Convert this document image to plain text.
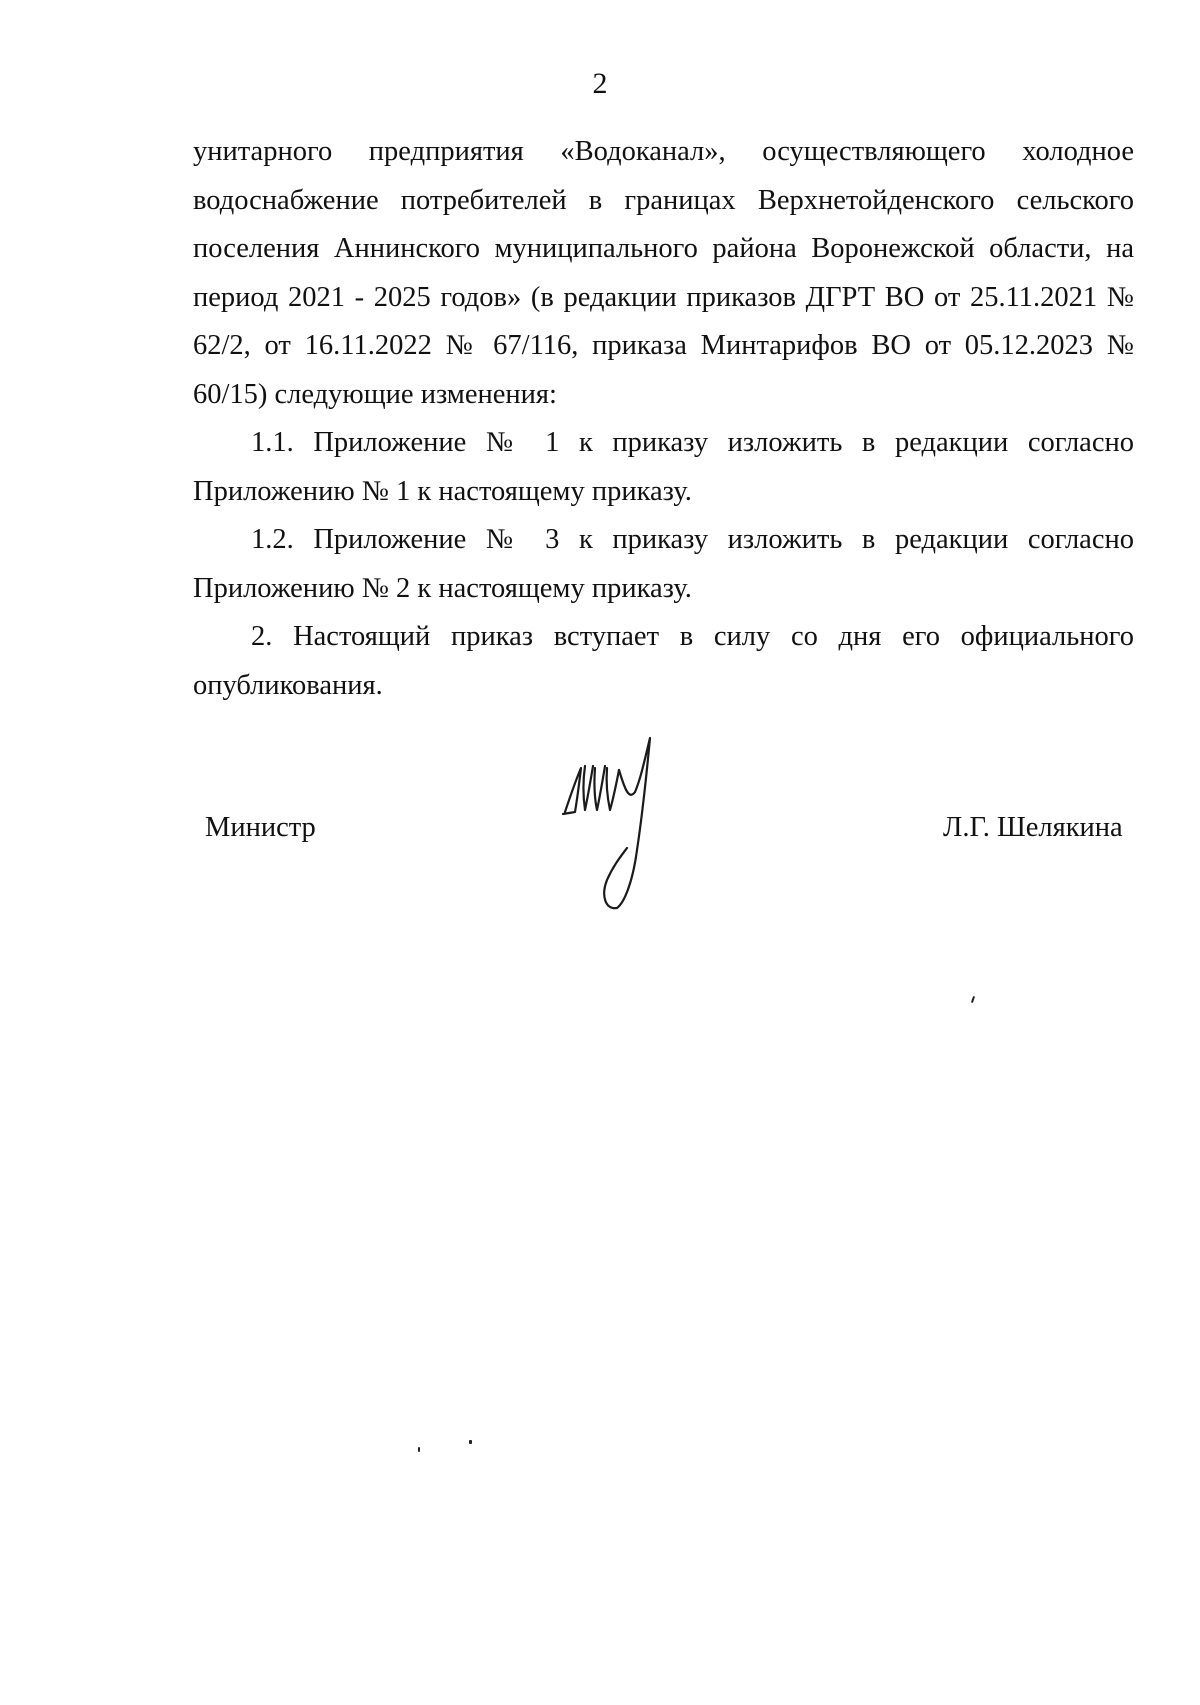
2

унитарного предприятия «Водоканал», осуществляющего холодное водоснабжение потребителей в границах Верхнетойденского сельского поселения Аннинского муниципального района Воронежской области, на период 2021 - 2025 годов» (в редакции приказов ДГРТ ВО от 25.11.2021 № 62/2, от 16.11.2022 № 67/116, приказа Минтарифов ВО от 05.12.2023 № 60/15) следующие изменения:

1.1. Приложение № 1 к приказу изложить в редакции согласно Приложению № 1 к настоящему приказу.

1.2. Приложение № 3 к приказу изложить в редакции согласно Приложению № 2 к настоящему приказу.

2. Настоящий приказ вступает в силу со дня его официального опубликования.

Министр	Л.Г. Шелякина
